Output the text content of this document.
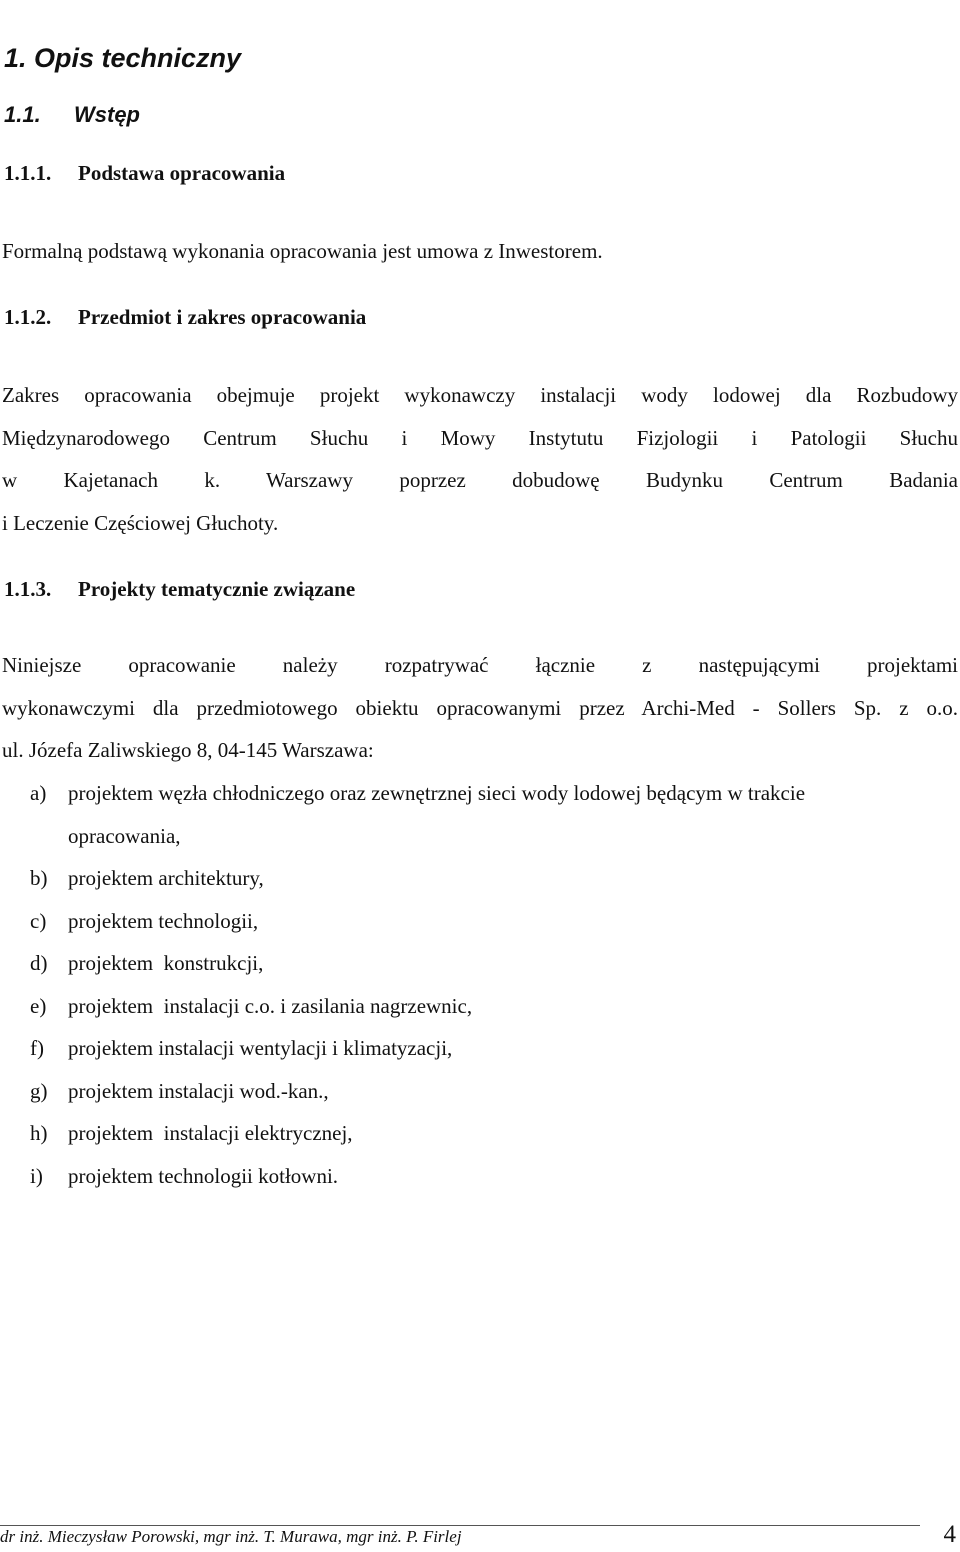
1. Opis techniczny
1.1. Wstęp
1.1.1. Podstawa opracowania
Formalną podstawą wykonania opracowania jest umowa z Inwestorem.
1.1.2. Przedmiot i zakres opracowania
Zakres opracowania obejmuje projekt wykonawczy instalacji wody lodowej dla Rozbudowy
Międzynarodowego Centrum Słuchu i Mowy Instytutu Fizjologii i Patologii Słuchu
w Kajetanach k. Warszawy poprzez dobudowę Budynku Centrum Badania
i Leczenie Częściowej Głuchoty.
1.1.3. Projekty tematycznie związane
Niniejsze opracowanie należy rozpatrywać łącznie z następującymi projektami
wykonawczymi dla przedmiotowego obiektu opracowanymi przez Archi-Med - Sollers Sp. z o.o.
ul. Józefa Zaliwskiego 8, 04-145 Warszawa:
a)	projektem węzła chłodniczego oraz zewnętrznej sieci wody lodowej będącym w trakcie
opracowania,
b) projektem architektury,
c)	projektem technologii,
d) projektem  konstrukcji,
e)	projektem  instalacji c.o. i zasilania nagrzewnic,
f)	projektem instalacji wentylacji i klimatyzacji,
g) projektem instalacji wod.-kan.,
h) projektem  instalacji elektrycznej,
i)	projektem technologii kotłowni.
dr inż. Mieczysław Porowski, mgr inż. T. Murawa, mgr inż. P. Firlej	4
